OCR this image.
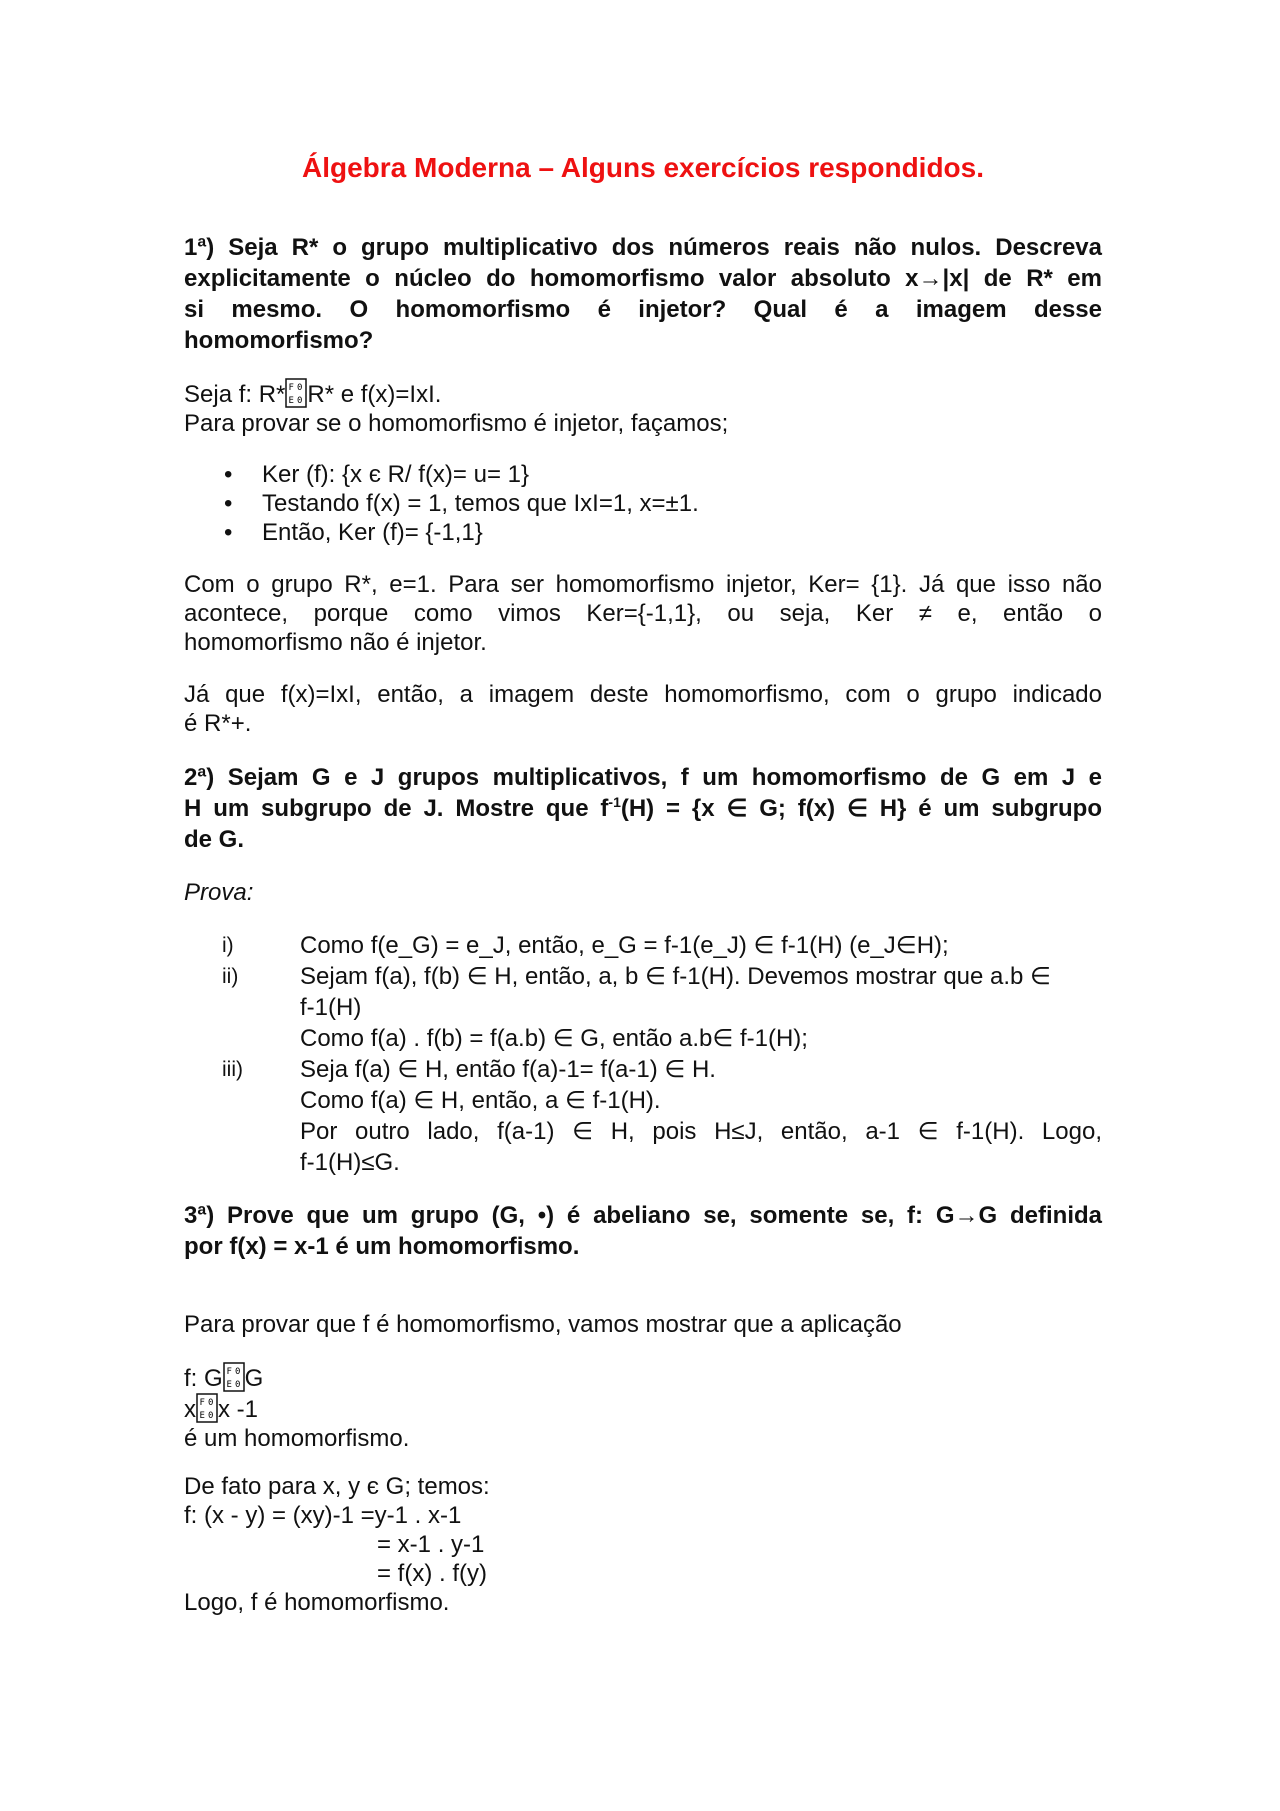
Álgebra Moderna – Alguns exercícios respondidos.
1ª) Seja R* o grupo multiplicativo dos números reais não nulos. Descreva
explicitamente o núcleo do homomorfismo valor absoluto x→|x| de R* em
si mesmo. O homomorfismo é injetor? Qual é a imagem desse
homomorfismo?
Seja f: R* F 0
E 0 R* e f(x)=IxI.
Para provar se o homomorfismo é injetor, façamos;
• Ker (f): {x є R/ f(x)= u= 1}
• Testando f(x) = 1, temos que IxI=1, x=±1.
• Então, Ker (f)= {-1,1}
Com o grupo R*, e=1. Para ser homomorfismo injetor, Ker= {1}. Já que isso não
acontece, porque como vimos Ker={-1,1}, ou seja, Ker ≠ e, então o
homomorfismo não é injetor.
Já que f(x)=IxI, então, a imagem deste homomorfismo, com o grupo indicado
é R*+.
2ª) Sejam G e J grupos multiplicativos, f um homomorfismo de G em J e
H um subgrupo de J. Mostre que $f^{-1}(H) = \{x$ ∈ G; f(x) ∈ H} é um subgrupo
de G.
Prova:
i)	Como f(e_G) = e_J, então, e_G = f-1(e_J) ∈ f-1(H) (e_J∈H);
ii)	Sejam f(a), f(b) ∈ H, então, a, b ∈ f-1(H). Devemos mostrar que a.b ∈
f-1(H)
Como f(a) . f(b) = f(a.b) ∈ G, então a.b∈ f-1(H);
iii) Seja f(a) ∈ H, então f(a)-1= f(a-1) ∈ H.
Como f(a) ∈ H, então, a ∈ f-1(H).
Por outro lado, f(a-1) ∈ H, pois H≤J, então, a-1 ∈ f-1(H). Logo,
f-1(H)≤G.
3ª) Prove que um grupo (G, •) é abeliano se, somente se, f: G→G definida
por f(x) = x-1 é um homomorfismo.
Para provar que f é homomorfismo, vamos mostrar que a aplicação
f: G F 0
E 0 G
x F 0
E 0 x -1
é um homomorfismo.
De fato para x, y є G; temos:
f: (x - y) = (xy)-1 =y-1 . x-1
= x-1 . y-1
= f(x) . f(y)
Logo, f é homomorfismo.
